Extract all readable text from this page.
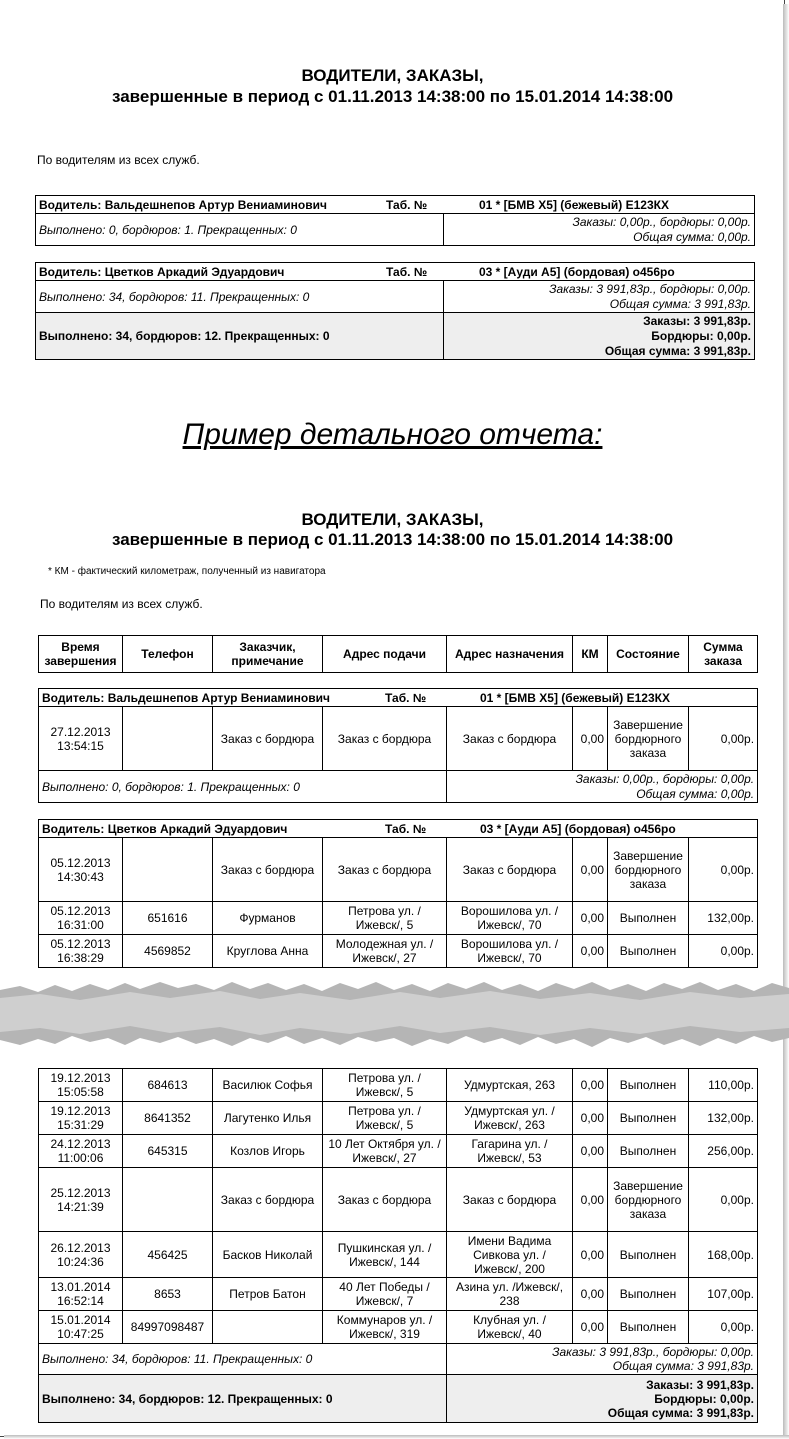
ВОДИТЕЛИ, ЗАКАЗЫ,
завершенные в период с 01.11.2013 14:38:00 по 15.01.2014 14:38:00
По водителям из всех служб.
Водитель: Вальдешнепов Артур Вениаминович	Таб. №	01 * [БМВ X5] (бежевый) Е123КХ

Выполнено: 0, бордюров: 1. Прекращенных: 0	
Заказы: 0,00р., бордюры: 0,00р.
Общая сумма: 0,00р.
Водитель: Цветков Аркадий Эдуардович Таб. № 03 * [Ауди А5] (бордовая) о456ро	

Выполнено: 34, бордюров: 11. Прекращенных: 0	Заказы: 3 991,83р., бордюры: 0,00р.
Общая сумма: 3 991,83р.

Выполнено: 34, бордюров: 12. Прекращенных: 0	Заказы: 3 991,83р.
Бордюры: 0,00р.
Общая сумма: 3 991,83р.
Пример детального отчета:
ВОДИТЕЛИ, ЗАКАЗЫ,
завершенные в период с 01.11.2013 14:38:00 по 15.01.2014 14:38:00
* КМ - фактический километраж, полученный из навигатора
По водителям из всех служб.
Время завершения	Телефон	Заказчик, примечание	Адрес подачи	Адрес назначения	КМ	Состояние	Сумма заказа
Водитель: Вальдешнепов Артур Вениаминович Таб. № 01 * [БМВ X5] (бежевый) Е123КХ							

27.12.2013 13:54:15		Заказ с бордюра	Заказ с бордюра	Заказ с бордюра	0,00	Завершение бордюрного заказа	0,00р.
Выполнено: 0, бордюров: 1. Прекращенных: 0				Заказы: 0,00р., бордюры: 0,00р.
Общая сумма: 0,00р.			
Водитель: Цветков Аркадий Эдуардович Таб. № 03 * [Ауди А5] (бордовая) о456ро							

05.12.2013 14:30:43		Заказ с бордюра	Заказ с бордюра	Заказ с бордюра	0,00	Завершение бордюрного заказа	0,00р.
05.12.2013 16:31:00	651616	Фурманов	Петрова ул. /Ижевск/, 5	Ворошилова ул. /Ижевск/, 70	0,00	Выполнен	132,00р.
05.12.2013 16:38:29	4569852	Круглова Анна	Молодежная ул. /Ижевск/, 27	Ворошилова ул. /Ижевск/, 70	0,00	Выполнен	0,00р.
19.12.2013 15:05:58	684613	Василюк Софья	Петрова ул. /Ижевск/, 5	Удмуртская, 263	0,00	Выполнен	110,00р.
19.12.2013 15:31:29	8641352	Лагутенко Илья	Петрова ул. /Ижевск/, 5	Удмуртская ул. /Ижевск/, 263	0,00	Выполнен	132,00р.
24.12.2013 11:00:06	645315	Козлов Игорь	10 Лет Октября ул. /Ижевск/, 27	Гагарина ул. /Ижевск/, 53	0,00	Выполнен	256,00р.
25.12.2013 14:21:39		Заказ с бордюра	Заказ с бордюра	Заказ с бордюра	0,00	Завершение бордюрного заказа	0,00р.
26.12.2013 10:24:36	456425	Басков Николай	Пушкинская ул. /Ижевск/, 144	Имени Вадима Сивкова ул. /Ижевск/, 200	0,00	Выполнен	168,00р.
13.01.2014 16:52:14	8653	Петров Батон	40 Лет Победы /Ижевск/, 7	Азина ул. /Ижевск/, 238	0,00	Выполнен	107,00р.
15.01.2014 10:47:25	84997098487		Коммунаров ул. /Ижевск/, 319	Клубная ул. /Ижевск/, 40	0,00	Выполнен	0,00р.
Выполнено: 34, бордюров: 11. Прекращенных: 0				Заказы: 3 991,83р., бордюры: 0,00р.
Общая сумма: 3 991,83р.			

Выполнено: 34, бордюров: 12. Прекращенных: 0				Заказы: 3 991,83р.
Бордюры: 0,00р.
Общая сумма: 3 991,83р.			
